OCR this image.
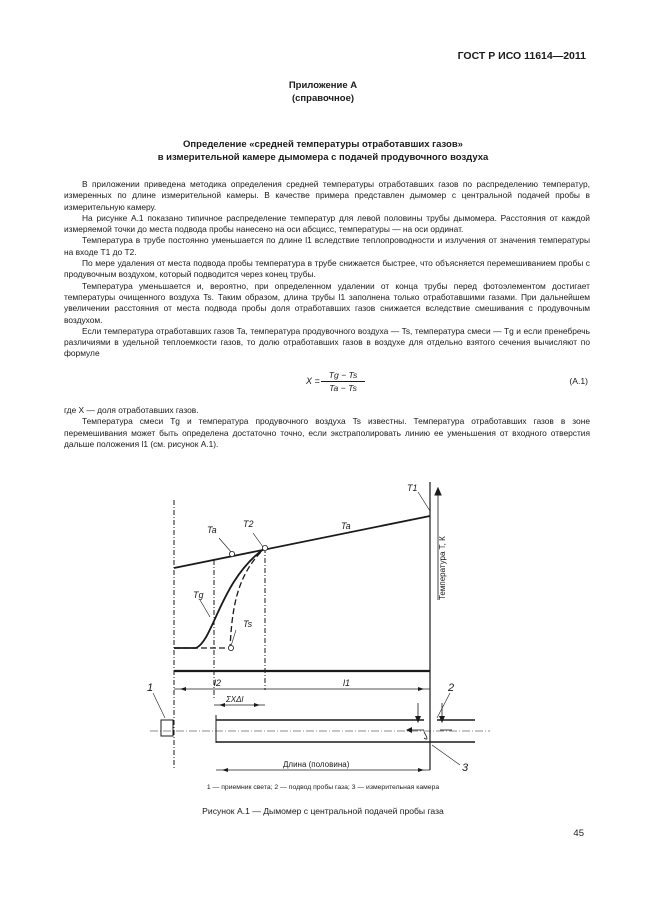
ГОСТ Р ИСО 11614—2011
Приложение А
(справочное)
Определение «средней температуры отработавших газов»
в измерительной камере дымомера с подачей продувочного воздуха

В приложении приведена методика определения средней температуры отработавших газов по распределению температур, измеренных по длине измерительной камеры. В качестве примера представлен дымомер с центральной подачей пробы в измерительную камеру.

На рисунке А.1 показано типичное распределение температур для левой половины трубы дымомера. Расстояния от каждой измеряемой точки до места подвода пробы нанесено на оси абсцисс, температуры — на оси ординат.

Температура в трубе постоянно уменьшается по длине l1 вследствие теплопроводности и излучения от значения температуры на входе T1 до T2.

По мере удаления от места подвода пробы температура в трубе снижается быстрее, что объясняется перемешиванием пробы с продувочным воздухом, который подводится через конец трубы.

Температура уменьшается и, вероятно, при определенном удалении от конца трубы перед фотоэлементом достигает температуры очищенного воздуха Ts. Таким образом, длина трубы l1 заполнена только отработавшими газами. При дальнейшем увеличении расстояния от места подвода пробы доля отработавших газов снижается вследствие смешивания с продувочным воздухом.

Если температура отработавших газов Ta, температура продувочного воздуха — Ts, температура смеси — Tg и если пренебречь различиями в удельной теплоемкости газов, то долю отработавших газов в воздухе для отдельно взятого сечения вычисляют по формуле

$X = \frac{Tg - Ts}{Ta - Ts}$	(А.1)

где X — доля отработавших газов.

Температура смеси Tg и температура продувочного воздуха Ts известны. Температура отработавших газов в зоне перемешивания может быть определена достаточно точно, если экстраполировать линию ее уменьшения от входного отверстия дальше положения l1 (см. рисунок А.1).

T1
T2
Ta	Ta
Tg
Ts
l2	l1
ΣXΔl
1	2
3
Длина (половина)
Температура T, К
1 — приемник света; 2 — подвод пробы газа; 3 — измерительная камера
Рисунок А.1 — Дымомер с центральной подачей пробы газа
45
